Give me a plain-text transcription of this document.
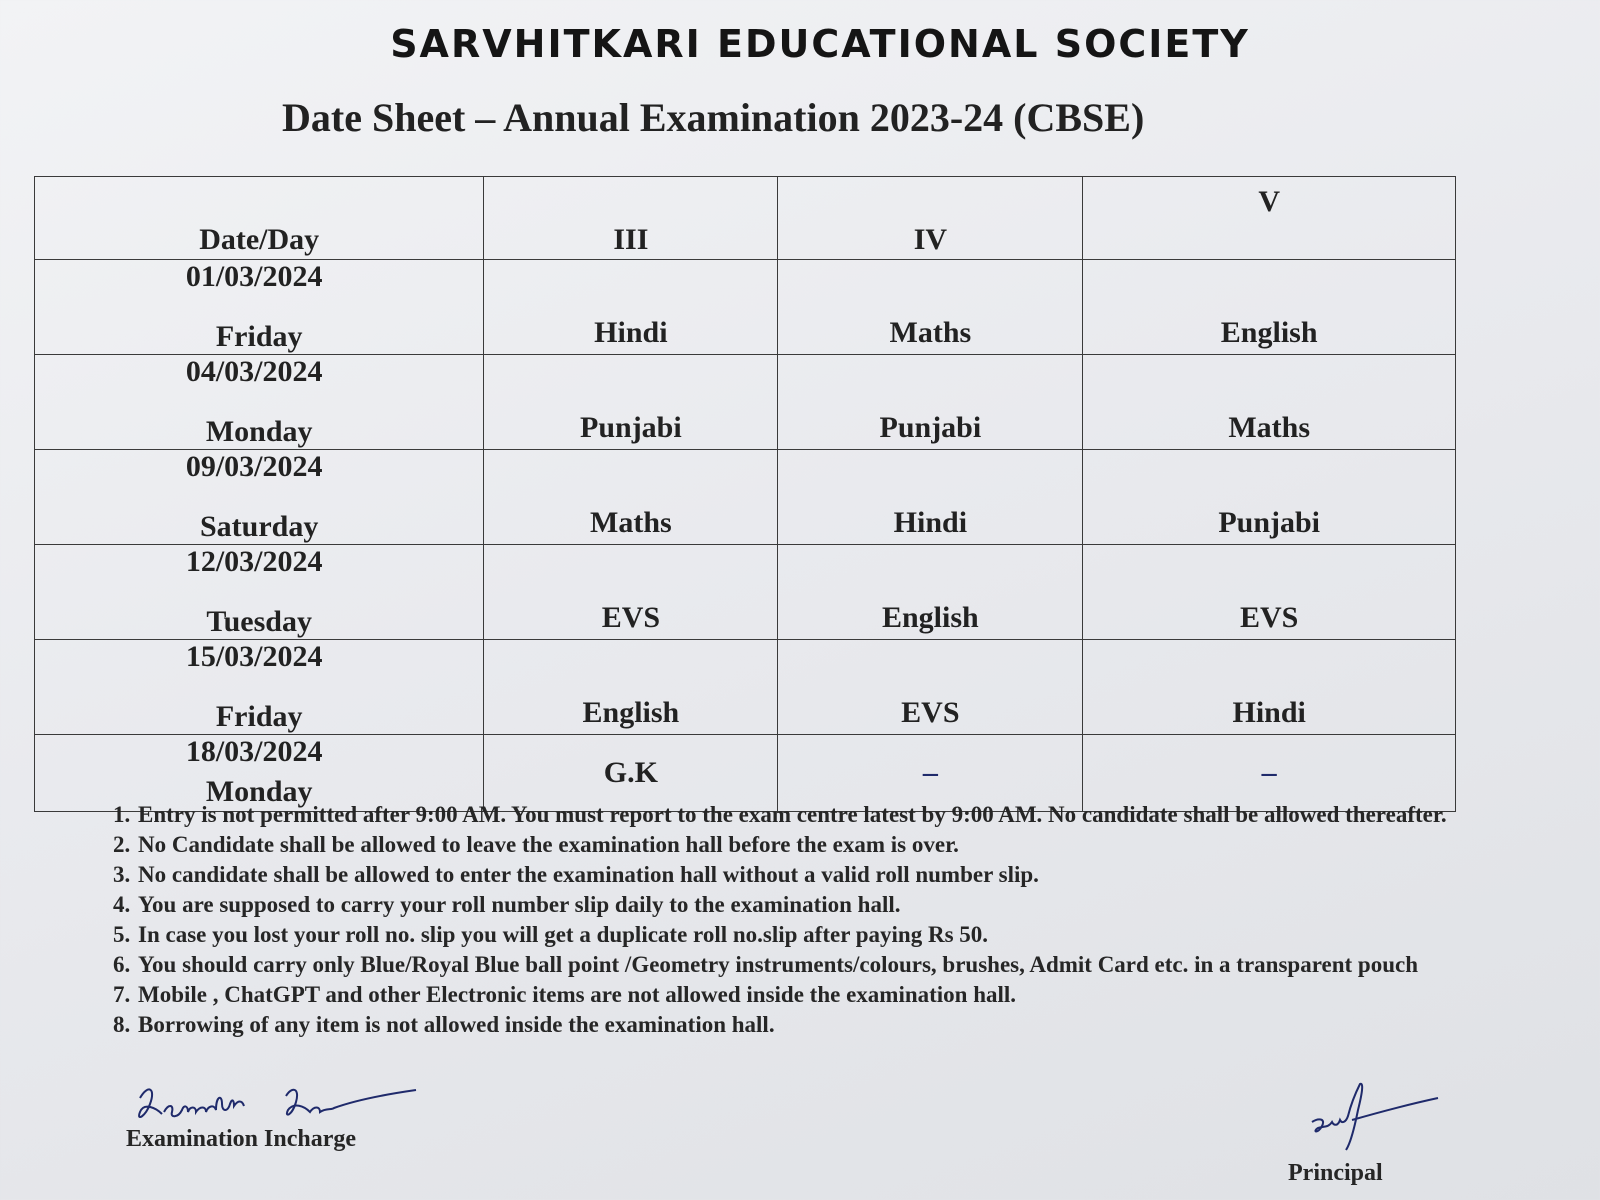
SARVHITKARI EDUCATIONAL SOCIETY
Date Sheet – Annual Examination 2023-24 (CBSE)
Date/Day	III	IV	V

01/03/2024
Friday	Hindi	Maths	English

04/03/2024
Monday	Punjabi	Punjabi	Maths

09/03/2024
Saturday	Maths	Hindi	Punjabi

12/03/2024
Tuesday	EVS	English	EVS

15/03/2024
Friday	English	EVS	Hindi

18/03/2024
Monday	G.K	–	–
1. Entry is not permitted after 9:00 AM. You must report to the exam centre latest by 9:00 AM. No candidate shall be allowed thereafter.
2. No Candidate shall be allowed to leave the examination hall before the exam is over.
3. No candidate shall be allowed to enter the examination hall without a valid roll number slip.
4. You are supposed to carry your roll number slip daily to the examination hall.
5. In case you lost your roll no. slip you will get a duplicate roll no.slip after paying Rs 50.
6. You should carry only Blue/Royal Blue ball point /Geometry instruments/colours, brushes, Admit Card etc. in a transparent pouch
7. Mobile , ChatGPT and other Electronic items are not allowed inside the examination hall.
8. Borrowing of any item is not allowed inside the examination hall.
Examination Incharge
Principal
